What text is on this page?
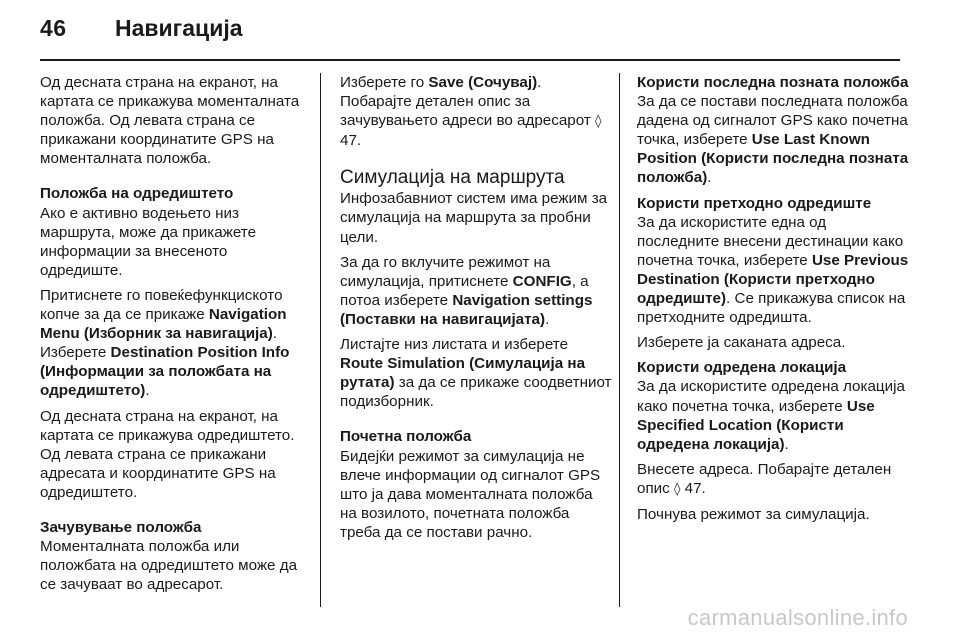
46 Навигација

Од десната страна на екранот, на картата се прикажува моменталната положба. Од левата страна се прикажани координатите GPS на моменталната положба.

Положба на одредиштето
Ако е активно водењето низ маршрута, може да прикажете информации за внесеното одредиште.

Притиснете го повеќефункциското копче за да се прикаже Navigation Menu (Изборник за навигација). Изберете Destination Position Info (Информации за положбата на одредиштето).

Од десната страна на екранот, на картата се прикажува одредиштето. Од левата страна се прикажани адресата и координатите GPS на одредиштето.

Зачувување положба
Моменталната положба или положбата на одредиштето може да се зачуваат во адресарот.

Изберете го Save (Сочувај). Побарајте детален опис за зачувувањето адреси во адресарот ◊ 47.

Симулација на маршрута

Инфозабавниот систем има режим за симулација на маршрута за пробни цели.

За да го вклучите режимот на симулација, притиснете CONFIG, а потоа изберете Navigation settings (Поставки на навигацијата).

Листајте низ листата и изберете Route Simulation (Симулација на рутата) за да се прикаже соодветниот подизборник.

Почетна положба
Бидејќи режимот за симулација не влече информации од сигналот GPS што ја дава моменталната положба на возилото, почетната положба треба да се постави рачно.

Користи последна позната положба
За да се постави последната положба дадена од сигналот GPS како почетна точка, изберете Use Last Known Position (Користи последна позната положба).

Користи претходно одредиште
За да искористите една од последните внесени дестинации како почетна точка, изберете Use Previous Destination (Користи претходно одредиште). Се прикажува список на претходните одредишта.

Изберете ја саканата адреса.

Користи одредена локација
За да искористите одредена локација како почетна точка, изберете Use Specified Location (Користи одредена локација).

Внесете адреса. Побарајте детален опис ◊ 47.

Почнува режимот за симулација.

carmanualsonline.info
